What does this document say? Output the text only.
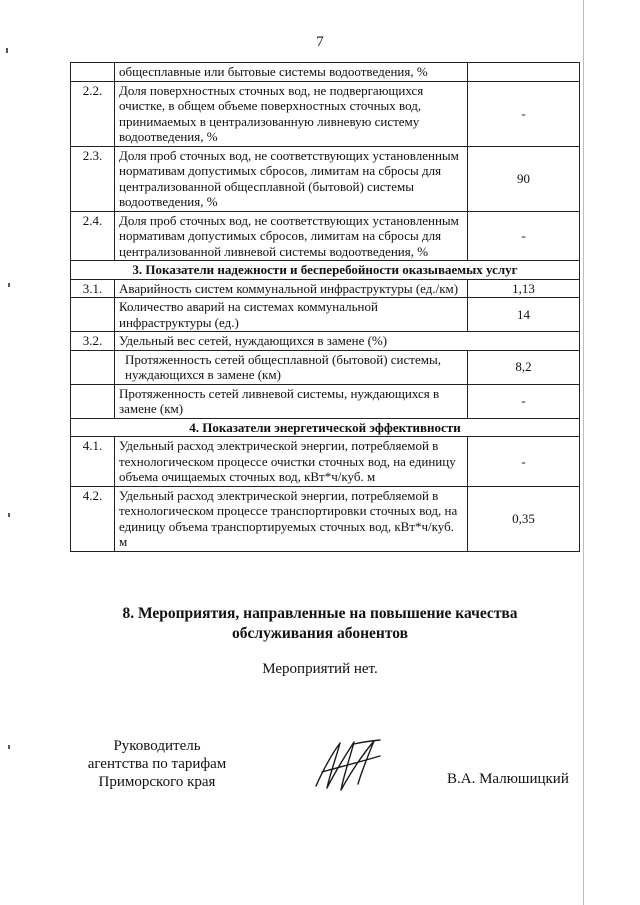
7
	общесплавные или бытовые системы водоотведения, %	
2.2.	Доля поверхностных сточных вод, не подвергающихся очистке, в общем объеме поверхностных сточных вод, принимаемых в централизованную ливневую систему водоотведения, %	-
2.3.	Доля проб сточных вод, не соответствующих установленным нормативам допустимых сбросов, лимитам на сбросы для централизованной общесплавной (бытовой) системы водоотведения, %	90
2.4.	Доля проб сточных вод, не соответствующих установленным нормативам допустимых сбросов, лимитам на сбросы для централизованной ливневой системы водоотведения, %	-
3. Показатели надежности и бесперебойности оказываемых услуг		
3.1.	Аварийность систем коммунальной инфраструктуры (ед./км)	1,13
	Количество аварий на системах коммунальной инфраструктуры (ед.)	14
3.2.	Удельный вес сетей, нуждающихся в замене (%)	
	Протяженность сетей общесплавной (бытовой) системы, нуждающихся в замене (км)	8,2
	Протяженность сетей ливневой системы, нуждающихся в замене (км)	-
4. Показатели энергетической эффективности		
4.1.	Удельный расход электрической энергии, потребляемой в технологическом процессе очистки сточных вод, на единицу объема очищаемых сточных вод, кВт*ч/куб. м	-
4.2.	Удельный расход электрической энергии, потребляемой в технологическом процессе транспортировки сточных вод, на единицу объема транспортируемых сточных вод, кВт*ч/куб. м	0,35
8. Мероприятия, направленные на повышение качества
обслуживания абонентов
Мероприятий нет.
Руководитель
агентства по тарифам
Приморского края	В.А. Малюшицкий
